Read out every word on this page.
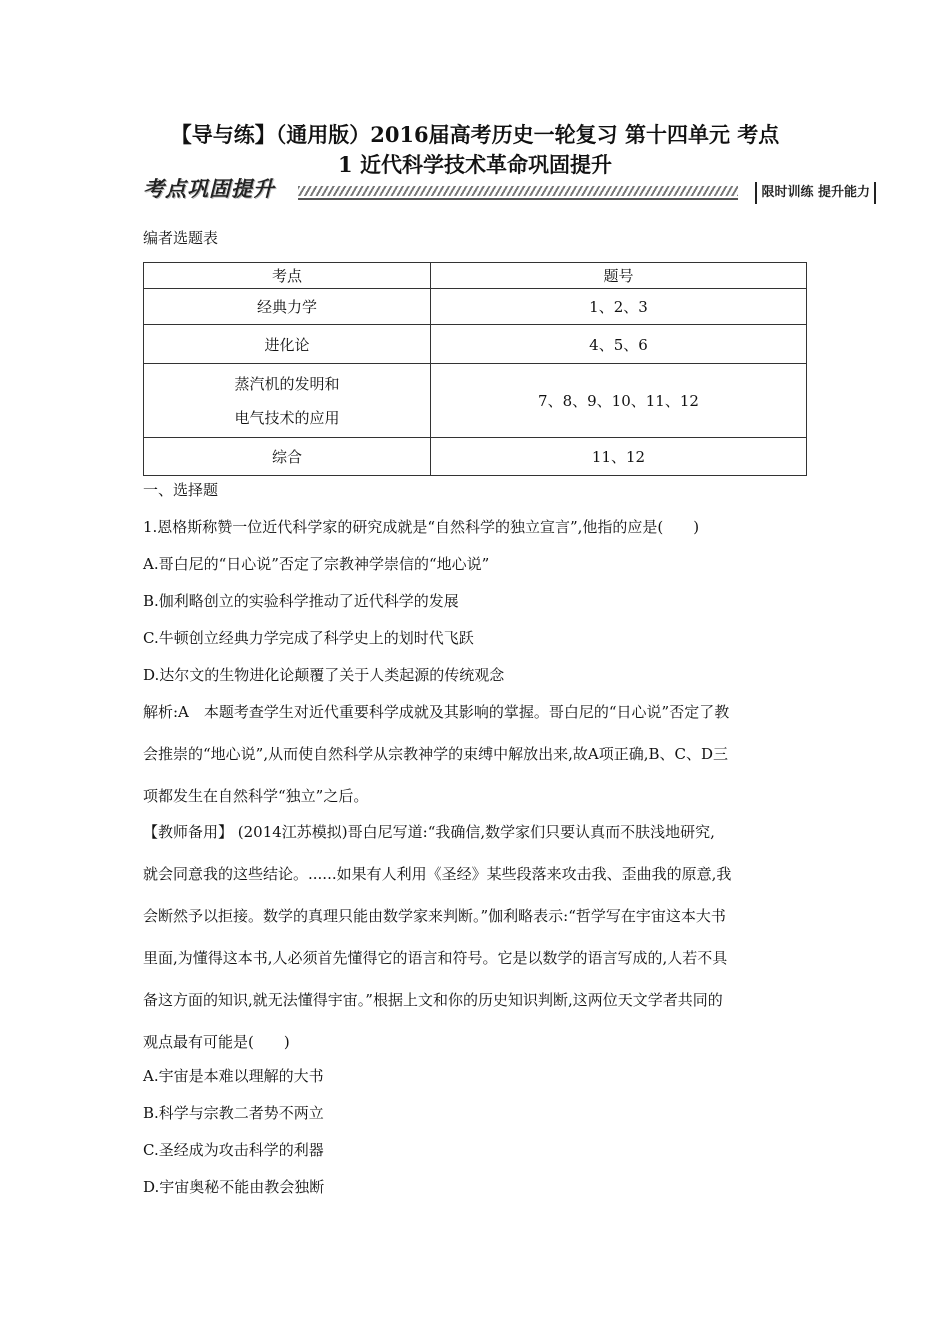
【导与练】（通用版）2016届高考历史一轮复习 第十四单元 考点
1 近代科学技术革命巩固提升
考点巩固提升	限时训练 提升能力
编者选题表
考点	题号
经典力学	1、2、3
进化论	4、5、6

蒸汽机的发明和
电气技术的应用	7、8、9、10、11、12
综合	11、12
一、选择题
1.恩格斯称赞一位近代科学家的研究成就是“自然科学的独立宣言”,他指的应是(　　)
A.哥白尼的“日心说”否定了宗教神学崇信的“地心说”
B.伽利略创立的实验科学推动了近代科学的发展
C.牛顿创立经典力学完成了科学史上的划时代飞跃
D.达尔文的生物进化论颠覆了关于人类起源的传统观念
解析:A　本题考查学生对近代重要科学成就及其影响的掌握。哥白尼的“日心说”否定了教
会推崇的“地心说”,从而使自然科学从宗教神学的束缚中解放出来,故A项正确,B、C、D三
项都发生在自然科学“独立”之后。
【教师备用】 (2014江苏模拟)哥白尼写道:“我确信,数学家们只要认真而不肤浅地研究,
就会同意我的这些结论。......如果有人利用《圣经》某些段落来攻击我、歪曲我的原意,我
会断然予以拒接。数学的真理只能由数学家来判断。”伽利略表示:“哲学写在宇宙这本大书
里面,为懂得这本书,人必须首先懂得它的语言和符号。它是以数学的语言写成的,人若不具
备这方面的知识,就无法懂得宇宙。”根据上文和你的历史知识判断,这两位天文学者共同的
观点最有可能是(　　)
A.宇宙是本难以理解的大书
B.科学与宗教二者势不两立
C.圣经成为攻击科学的利器
D.宇宙奥秘不能由教会独断
